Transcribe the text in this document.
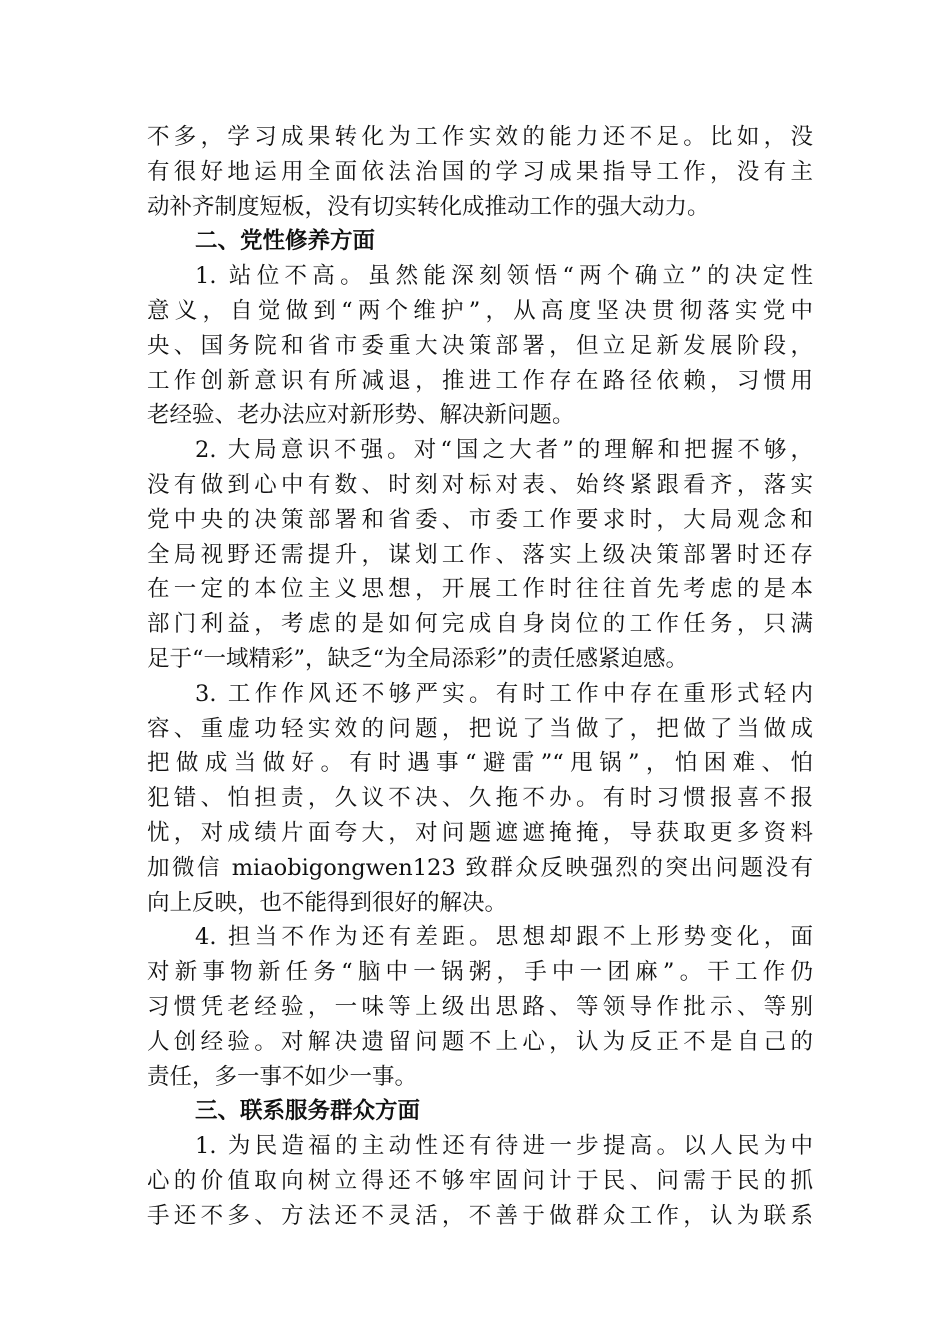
不多，学习成果转化为工作实效的能力还不足。比如，没
有很好地运用全面依法治国的学习成果指导工作，没有主
动补齐制度短板，没有切实转化成推动工作的强大动力。
二、党性修养方面
1. 站位不高。虽然能深刻领悟“两个确立”的决定性
意义，自觉做到“两个维护”，从高度坚决贯彻落实党中
央、国务院和省市委重大决策部署，但立足新发展阶段，
工作创新意识有所减退，推进工作存在路径依赖，习惯用
老经验、老办法应对新形势、解决新问题。
2. 大局意识不强。对“国之大者”的理解和把握不够，
没有做到心中有数、时刻对标对表、始终紧跟看齐，落实
党中央的决策部署和省委、市委工作要求时，大局观念和
全局视野还需提升，谋划工作、落实上级决策部署时还存
在一定的本位主义思想，开展工作时往往首先考虑的是本
部门利益，考虑的是如何完成自身岗位的工作任务，只满
足于“一域精彩”，缺乏“为全局添彩”的责任感紧迫感。
3. 工作作风还不够严实。有时工作中存在重形式轻内
容、重虚功轻实效的问题，把说了当做了，把做了当做成
把做成当做好。有时遇事“避雷”“甩锅”，怕困难、怕
犯错、怕担责，久议不决、久拖不办。有时习惯报喜不报
忧，对成绩片面夸大，对问题遮遮掩掩，导获取更多资料
加微信 miaobigongwen123 致群众反映强烈的突出问题没有
向上反映，也不能得到很好的解决。
4. 担当不作为还有差距。思想却跟不上形势变化，面
对新事物新任务“脑中一锅粥，手中一团麻”。干工作仍
习惯凭老经验，一味等上级出思路、等领导作批示、等别
人创经验。对解决遗留问题不上心，认为反正不是自己的
责任，多一事不如少一事。
三、联系服务群众方面
1. 为民造福的主动性还有待进一步提高。以人民为中
心的价值取向树立得还不够牢固问计于民、问需于民的抓
手还不多、方法还不灵活，不善于做群众工作，认为联系
